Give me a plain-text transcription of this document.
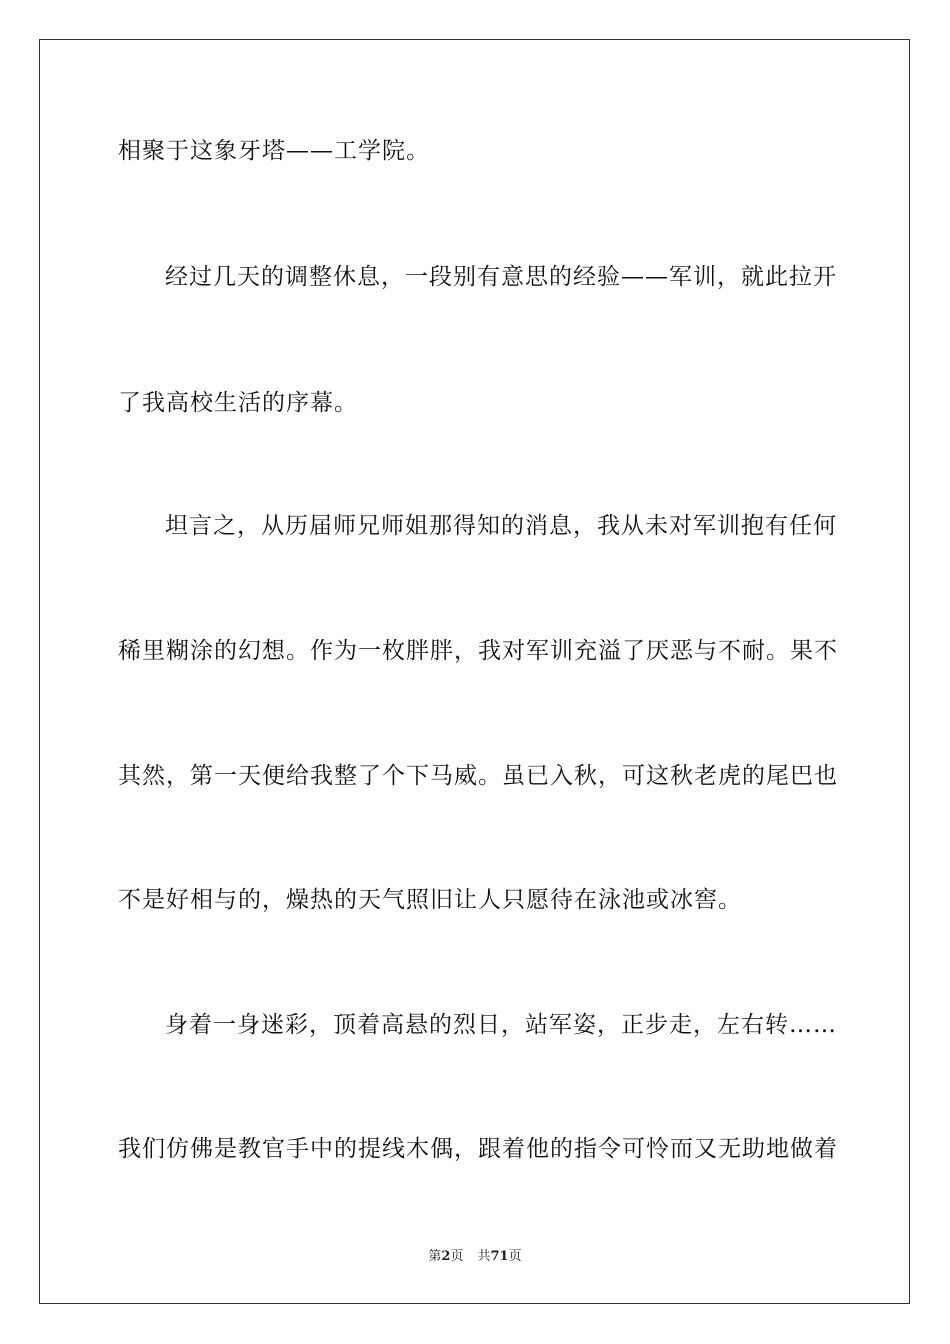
相聚于这象牙塔——工学院。
经过几天的调整休息，一段别有意思的经验——军训，就此拉开
了我高校生活的序幕。
坦言之，从历届师兄师姐那得知的消息，我从未对军训抱有任何
稀里糊涂的幻想。作为一枚胖胖，我对军训充溢了厌恶与不耐。果不
其然，第一天便给我整了个下马威。虽已入秋，可这秋老虎的尾巴也
不是好相与的，燥热的天气照旧让人只愿待在泳池或冰窖。
身着一身迷彩，顶着高悬的烈日，站军姿，正步走，左右转……
我们仿佛是教官手中的提线木偶，跟着他的指令可怜而又无助地做着
第2页 共71页
